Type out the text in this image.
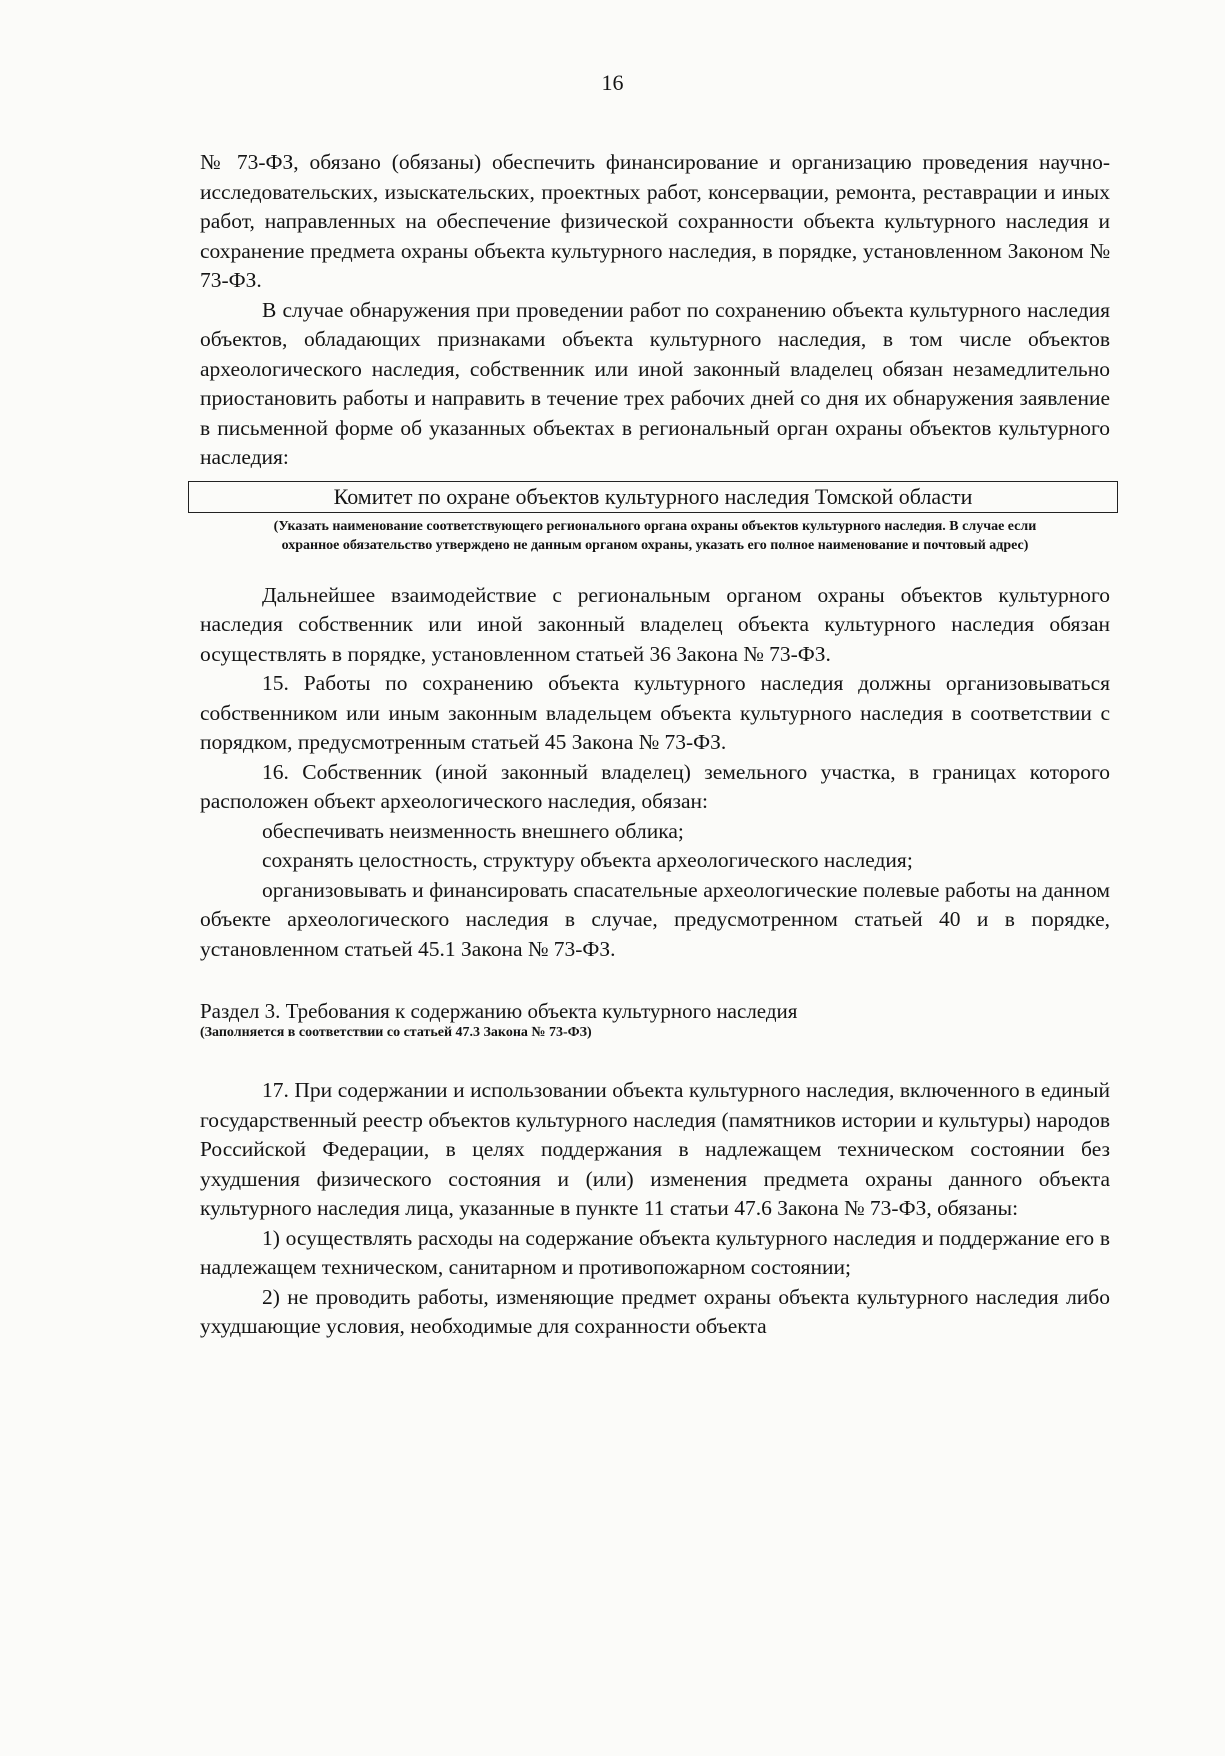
16

№ 73-ФЗ, обязано (обязаны) обеспечить финансирование и организацию проведения научно-исследовательских, изыскательских, проектных работ, консервации, ремонта, реставрации и иных работ, направленных на обеспечение физической сохранности объекта культурного наследия и сохранение предмета охраны объекта культурного наследия, в порядке, установленном Законом № 73-ФЗ.

В случае обнаружения при проведении работ по сохранению объекта культурного наследия объектов, обладающих признаками объекта культурного наследия, в том числе объектов археологического наследия, собственник или иной законный владелец обязан незамедлительно приостановить работы и направить в течение трех рабочих дней со дня их обнаружения заявление в письменной форме об указанных объектах в региональный орган охраны объектов культурного наследия:

Комитет по охране объектов культурного наследия Томской области
(Указать наименование соответствующего регионального органа охраны объектов культурного наследия. В случае если охранное обязательство утверждено не данным органом охраны, указать его полное наименование и почтовый адрес)

Дальнейшее взаимодействие с региональным органом охраны объектов культурного наследия собственник или иной законный владелец объекта культурного наследия обязан осуществлять в порядке, установленном статьей 36 Закона № 73-ФЗ.

15. Работы по сохранению объекта культурного наследия должны организовываться собственником или иным законным владельцем объекта культурного наследия в соответствии с порядком, предусмотренным статьей 45 Закона № 73-ФЗ.

16. Собственник (иной законный владелец) земельного участка, в границах которого расположен объект археологического наследия, обязан:

обеспечивать неизменность внешнего облика;

сохранять целостность, структуру объекта археологического наследия;

организовывать и финансировать спасательные археологические полевые работы на данном объекте археологического наследия в случае, предусмотренном статьей 40 и в порядке, установленном статьей 45.1 Закона № 73-ФЗ.

Раздел 3. Требования к содержанию объекта культурного наследия

(Заполняется в соответствии со статьей 47.3 Закона № 73-ФЗ)

17. При содержании и использовании объекта культурного наследия, включенного в единый государственный реестр объектов культурного наследия (памятников истории и культуры) народов Российской Федерации, в целях поддержания в надлежащем техническом состоянии без ухудшения физического состояния и (или) изменения предмета охраны данного объекта культурного наследия лица, указанные в пункте 11 статьи 47.6 Закона № 73-ФЗ, обязаны:

1) осуществлять расходы на содержание объекта культурного наследия и поддержание его в надлежащем техническом, санитарном и противопожарном состоянии;

2) не проводить работы, изменяющие предмет охраны объекта культурного наследия либо ухудшающие условия, необходимые для сохранности объекта
